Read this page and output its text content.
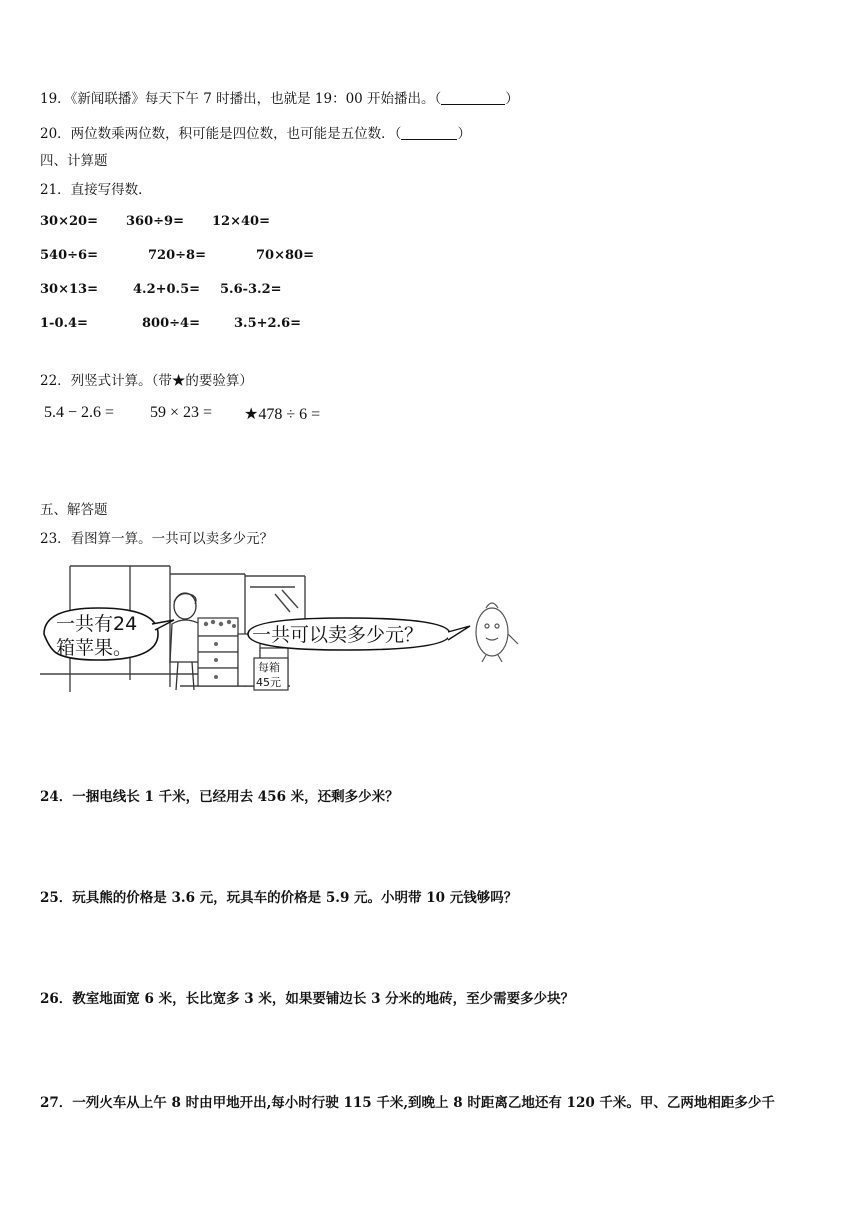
19．《新闻联播》每天下午 7 时播出，也就是 19：00 开始播出。（	）
20．两位数乘两位数，积可能是四位数，也可能是五位数．（	）
四、计算题
21．直接写得数．
30×20= 360÷9= 12×40=
540÷6=	720÷8=	70×80=
30×13=	4.2+0.5= 5.6-3.2=
1-0.4=	800÷4=	3.5+2.6=
22．列竖式计算。（带★的要验算）
5.4 − 2.6 = 59 × 23 = ★478 ÷ 6 =
五、解答题
23．看图算一算。一共可以卖多少元？
一共有24
箱苹果。
一共可以卖多少元？
每箱
45元
24．一捆电线长 1 千米，已经用去 456 米，还剩多少米？
25．玩具熊的价格是 3.6 元，玩具车的价格是 5.9 元。小明带 10 元钱够吗？
26．教室地面宽 6 米，长比宽多 3 米，如果要铺边长 3 分米的地砖，至少需要多少块？
27．一列火车从上午 8 时由甲地开出,每小时行驶 115 千米,到晚上 8 时距离乙地还有 120 千米。甲、乙两地相距多少千
